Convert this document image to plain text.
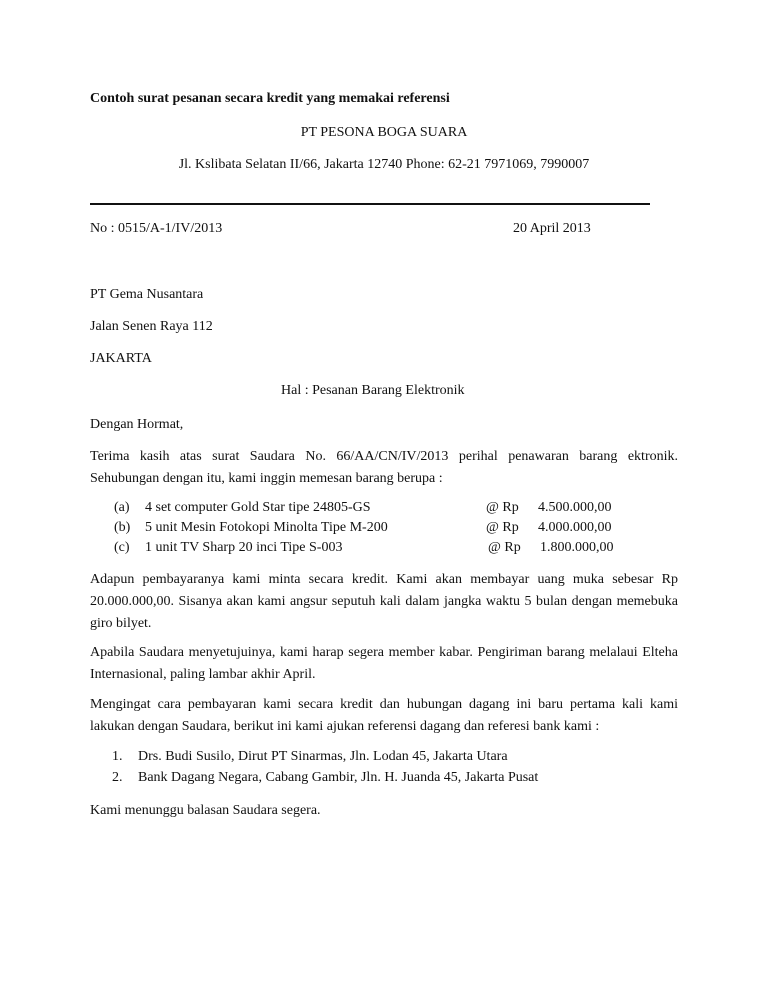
Contoh surat pesanan secara kredit yang memakai referensi
PT PESONA BOGA SUARA
Jl. Kslibata Selatan II/66, Jakarta 12740 Phone: 62-21 7971069, 7990007
No : 0515/A-1/IV/2013	20 April 2013
PT Gema Nusantara
Jalan Senen Raya 112
JAKARTA
Hal : Pesanan Barang Elektronik
Dengan Hormat,
Terima kasih atas surat Saudara No. 66/AA/CN/IV/2013 perihal penawaran barang ektronik. Sehubungan dengan itu, kami inggin memesan barang berupa :
(a) 4 set computer Gold Star tipe 24805-GS	@ Rp 4.500.000,00
(b) 5 unit Mesin Fotokopi Minolta Tipe M-200	@ Rp 4.000.000,00
(c) 1 unit TV Sharp 20 inci Tipe S-003	@ Rp 1.800.000,00
Adapun pembayaranya kami minta secara kredit. Kami akan membayar uang muka sebesar Rp 20.000.000,00. Sisanya akan kami angsur seputuh kali dalam jangka waktu 5 bulan dengan memebuka giro bilyet.
Apabila Saudara menyetujuinya, kami harap segera member kabar. Pengiriman barang melalaui Elteha Internasional, paling lambar akhir April.
Mengingat cara pembayaran kami secara kredit dan hubungan dagang ini baru pertama kali kami lakukan dengan Saudara, berikut ini kami ajukan referensi dagang dan referesi bank kami :
1. Drs. Budi Susilo, Dirut PT Sinarmas, Jln. Lodan 45, Jakarta Utara
2. Bank Dagang Negara, Cabang Gambir, Jln. H. Juanda 45, Jakarta Pusat
Kami menunggu balasan Saudara segera.
